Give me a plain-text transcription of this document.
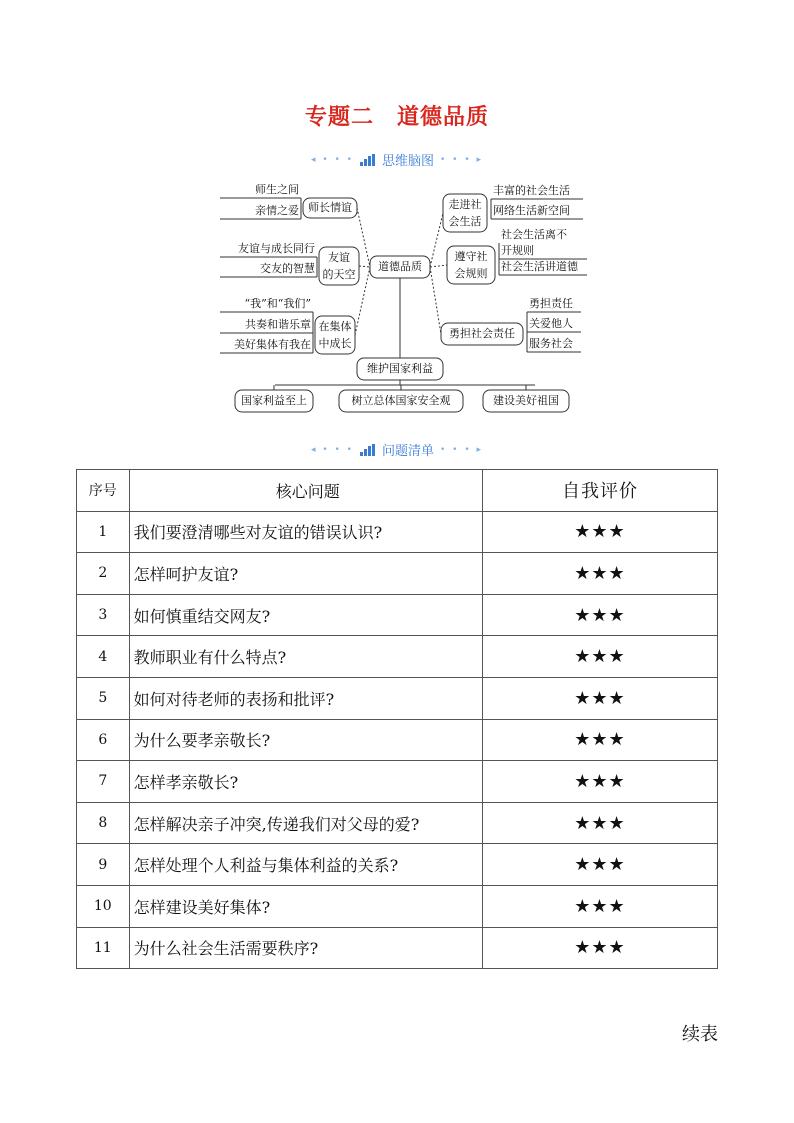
专题二　道德品质
◂ • • • 思维脑图 • • • ▸
道德品质
师长情谊
师生之间
亲情之爱
友谊
的天空
友谊与成长同行
交友的智慧
在集体
中成长
“我”和“我们”
共奏和谐乐章
美好集体有我在
走进社
会生活
丰富的社会生活
网络生活新空间
遵守社
会规则
社会生活离不
开规则
社会生活讲道德
勇担社会责任
勇担责任
关爱他人
服务社会
维护国家利益
国家利益至上	树立总体国家安全观	建设美好祖国
◂ • • • 问题清单 • • • ▸
序号	核心问题	自我评价
1	我们要澄清哪些对友谊的错误认识?	★★★
2	怎样呵护友谊?	★★★
3	如何慎重结交网友?	★★★
4	教师职业有什么特点?	★★★
5	如何对待老师的表扬和批评?	★★★
6	为什么要孝亲敬长?	★★★
7	怎样孝亲敬长?	★★★
8	怎样解决亲子冲突,传递我们对父母的爱?	★★★
9	怎样处理个人利益与集体利益的关系?	★★★
10	怎样建设美好集体?	★★★
11	为什么社会生活需要秩序?	★★★
续表
